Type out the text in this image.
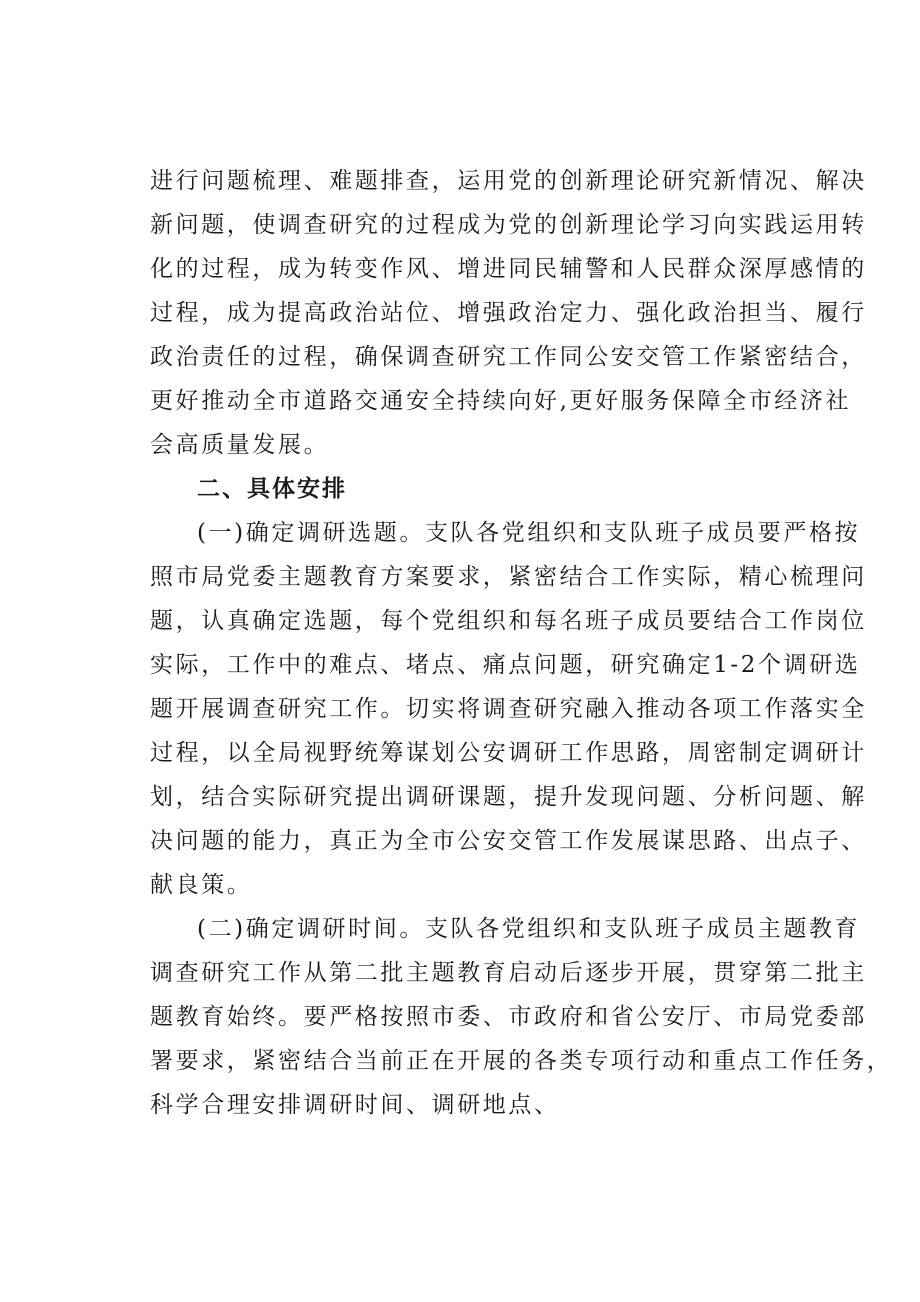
进行问题梳理、难题排查，运用党的创新理论研究新情况、解决
新问题，使调查研究的过程成为党的创新理论学习向实践运用转
化的过程，成为转变作风、增进同民辅警和人民群众深厚感情的
过程，成为提高政治站位、增强政治定力、强化政治担当、履行
政治责任的过程，确保调查研究工作同公安交管工作紧密结合，
更好推动全市道路交通安全持续向好,更好服务保障全市经济社
会高质量发展。
二、具体安排
(一)确定调研选题。支队各党组织和支队班子成员要严格按
照市局党委主题教育方案要求，紧密结合工作实际，精心梳理问
题，认真确定选题，每个党组织和每名班子成员要结合工作岗位
实际，工作中的难点、堵点、痛点问题，研究确定1-2个调研选
题开展调查研究工作。切实将调查研究融入推动各项工作落实全
过程，以全局视野统筹谋划公安调研工作思路，周密制定调研计
划，结合实际研究提出调研课题，提升发现问题、分析问题、解
决问题的能力，真正为全市公安交管工作发展谋思路、出点子、
献良策。
(二)确定调研时间。支队各党组织和支队班子成员主题教育
调查研究工作从第二批主题教育启动后逐步开展，贯穿第二批主
题教育始终。要严格按照市委、市政府和省公安厅、市局党委部
署要求，紧密结合当前正在开展的各类专项行动和重点工作任务，
科学合理安排调研时间、调研地点、
